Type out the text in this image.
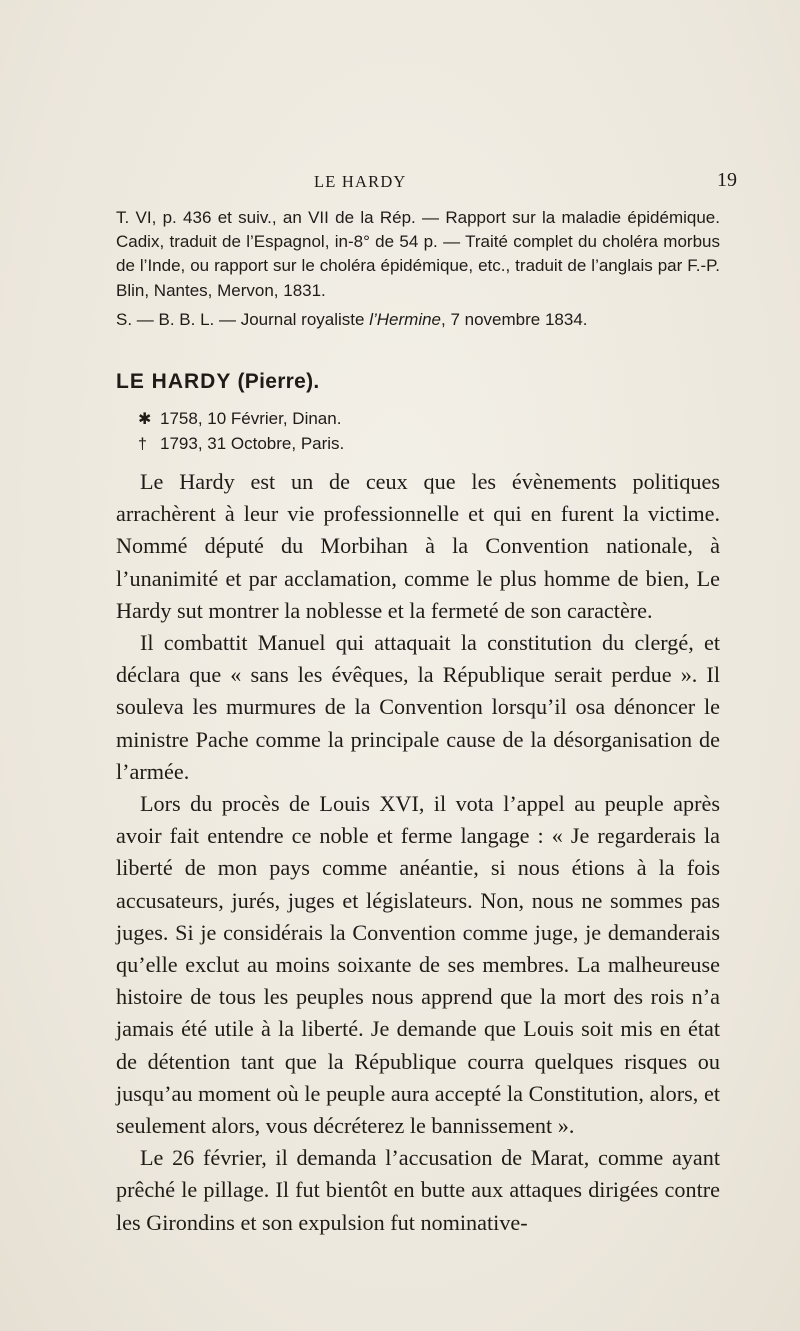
LE HARDY	19

T. VI, p. 436 et suiv., an VII de la Rép. — Rapport sur la maladie épidémique. Cadix, traduit de l’Espagnol, in-8° de 54 p. — Traité complet du choléra morbus de l’Inde, ou rapport sur le choléra épidémique, etc., traduit de l’anglais par F.-P. Blin, Nantes, Mervon, 1831.

S. — B. B. L. — Journal royaliste l’Hermine, 7 novembre 1834.

LE HARDY (Pierre).
✱ 1758, 10 Février, Dinan.
† 1793, 31 Octobre, Paris.

Le Hardy est un de ceux que les évènements politiques arrachèrent à leur vie professionnelle et qui en furent la victime. Nommé député du Morbihan à la Convention nationale, à l’unanimité et par acclamation, comme le plus homme de bien, Le Hardy sut montrer la noblesse et la fermeté de son caractère.

Il combattit Manuel qui attaquait la constitution du clergé, et déclara que « sans les évêques, la République serait perdue ». Il souleva les murmures de la Convention lorsqu’il osa dénoncer le ministre Pache comme la principale cause de la désorganisation de l’armée.

Lors du procès de Louis XVI, il vota l’appel au peuple après avoir fait entendre ce noble et ferme langage : « Je regarderais la liberté de mon pays comme anéantie, si nous étions à la fois accusateurs, jurés, juges et législateurs. Non, nous ne sommes pas juges. Si je considérais la Convention comme juge, je demanderais qu’elle exclut au moins soixante de ses membres. La malheureuse histoire de tous les peuples nous apprend que la mort des rois n’a jamais été utile à la liberté. Je demande que Louis soit mis en état de détention tant que la République courra quelques risques ou jusqu’au moment où le peuple aura accepté la Constitution, alors, et seulement alors, vous décréterez le bannissement ».

Le 26 février, il demanda l’accusation de Marat, comme ayant prêché le pillage. Il fut bientôt en butte aux attaques dirigées contre les Girondins et son expulsion fut nominative-
